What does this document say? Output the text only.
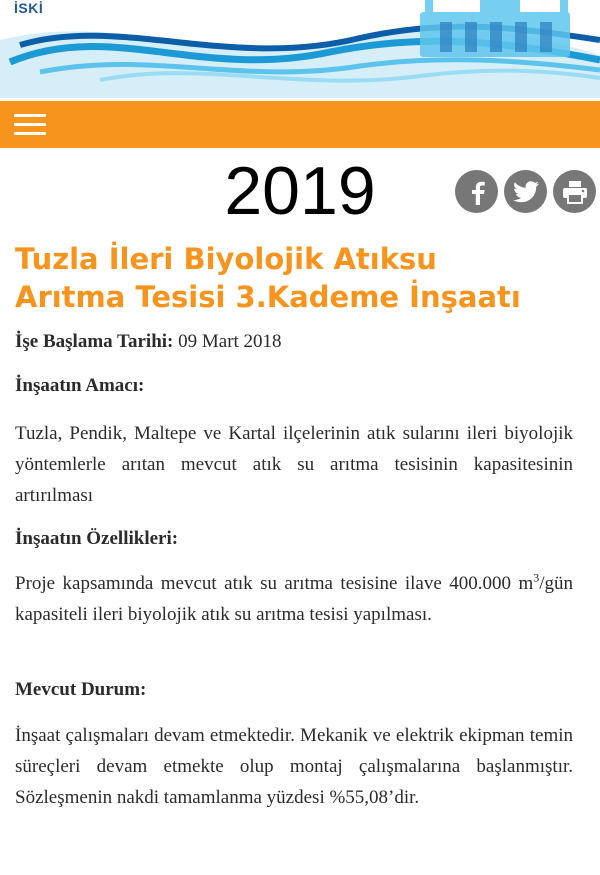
İSKİ
2019
Tuzla İleri Biyolojik Atıksu
Arıtma Tesisi 3.Kademe İnşaatı
İşe Başlama Tarihi: 09 Mart 2018
İnşaatın Amacı:
Tuzla, Pendik, Maltepe ve Kartal ilçelerinin atık sularını ileri biyolojik yöntemlerle arıtan mevcut atık su arıtma tesisinin kapasitesinin artırılması
İnşaatın Özellikleri:
Proje kapsamında mevcut atık su arıtma tesisine ilave 400.000 $m^3$/gün kapasiteli ileri biyolojik atık su arıtma tesisi yapılması.
Mevcut Durum:
İnşaat çalışmaları devam etmektedir. Mekanik ve elektrik ekipman temin süreçleri devam etmekte olup montaj çalışmalarına başlanmıştır. Sözleşmenin nakdi tamamlanma yüzdesi %55,08’dir.
